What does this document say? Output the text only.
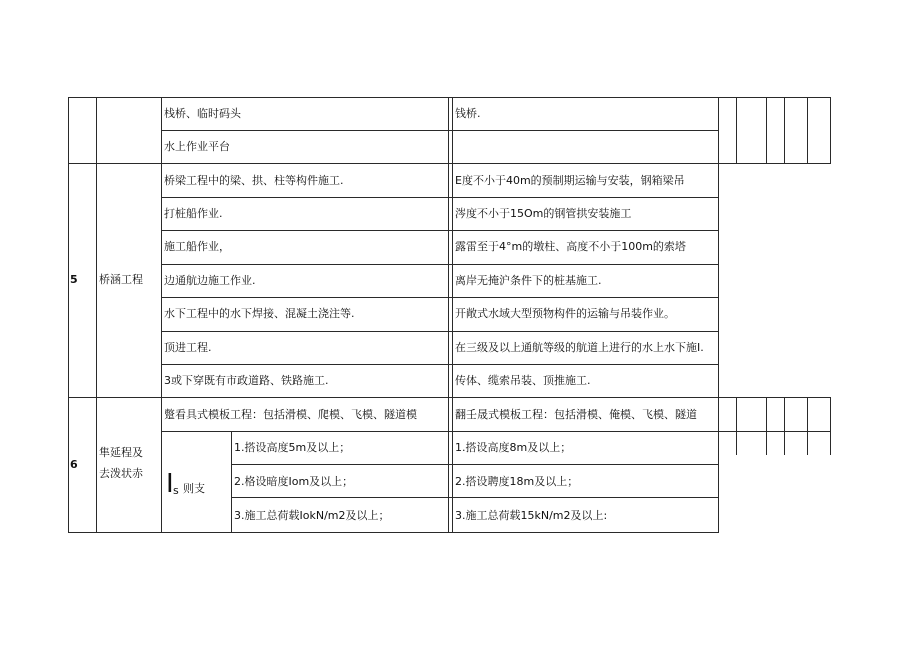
栈桥、临时码头	钱桥.
水上作业平台
5 桥涵工程
桥梁工程中的梁、拱、柱等构件施工.	E度不小于40m的预制期运输与安装，钢箱梁吊
打桩船作业.	涔度不小于15Om的钢管拱安装施工
施工船作业，	露雷至于4°m的墩柱、高度不小于100m的索塔
边通航边施工作业.	离岸无掩沪条件下的桩基施工.
水下工程中的水下焊接、混凝土浇注等.	开敞式水域大型预物构件的运输与吊装作业。
顶进工程.	在三级及以上通航等级的航道上进行的水上水下施I.
3或下穿既有市政道路、铁路施工.	传体、缆索吊装、顶推施工.
6
隼延程及
去泼状赤
蹩看具式模板工程：包括滑模、爬模、飞模、隧道模	翻壬晟式模板工程：包括滑模、俺模、飞模、隧道
I s 则支
1.搭设高度5m及以上；	1.搭设高度8m及以上；
2.格设暗度Iom及以上；	2.搭设聘度18m及以上；
3.施工总荷载IokN/m2及以上；	3.施工总荷载15kN/m2及以上:
